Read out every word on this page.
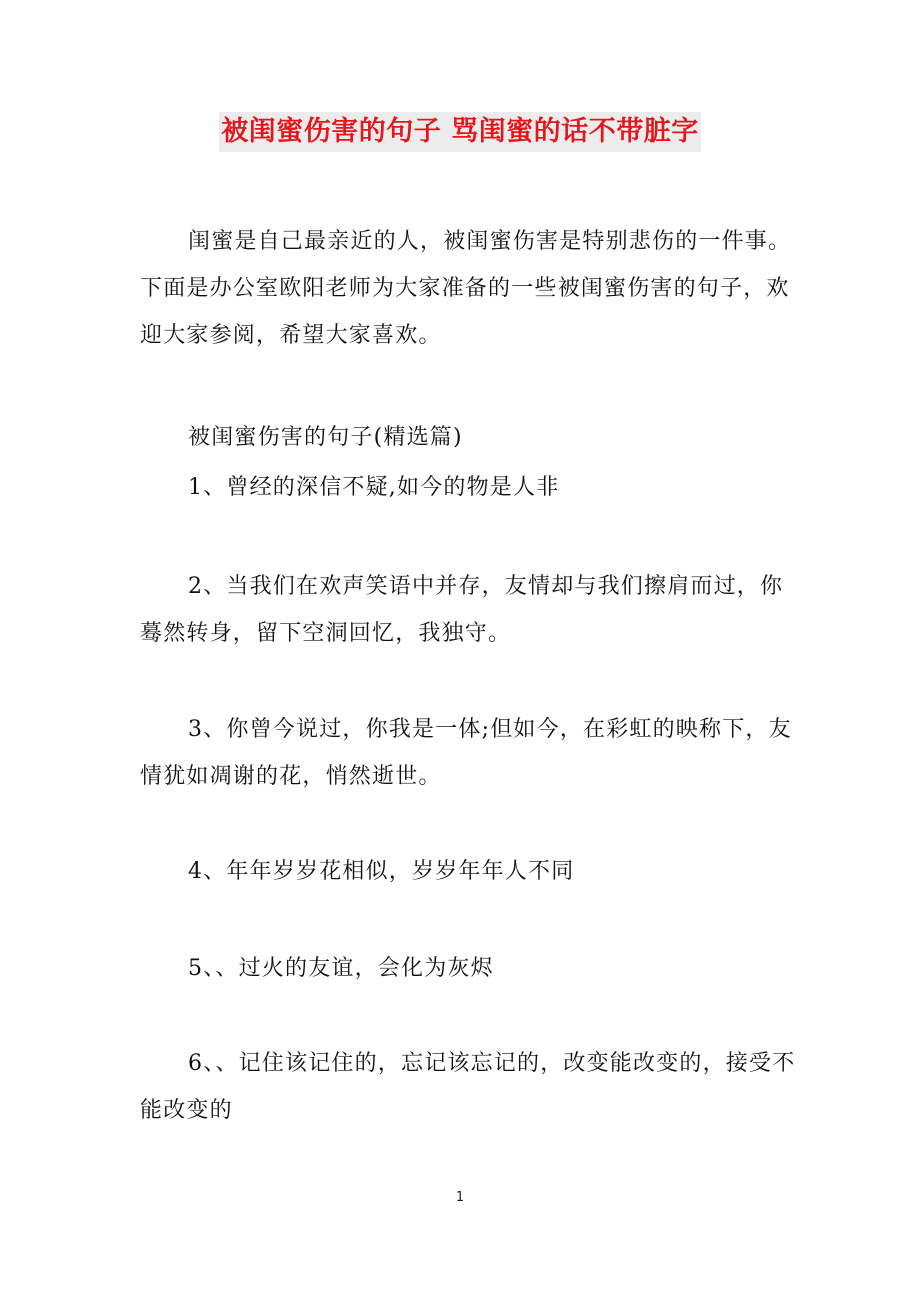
被闺蜜伤害的句子 骂闺蜜的话不带脏字

闺蜜是自己最亲近的人，被闺蜜伤害是特别悲伤的一件事。下面是办公室欧阳老师为大家准备的一些被闺蜜伤害的句子，欢迎大家参阅，希望大家喜欢。

被闺蜜伤害的句子(精选篇)

1、曾经的深信不疑,如今的物是人非

2、当我们在欢声笑语中并存，友情却与我们擦肩而过，你蓦然转身，留下空洞回忆，我独守。

3、你曾今说过，你我是一体;但如今，在彩虹的映称下，友情犹如凋谢的花，悄然逝世。

4、年年岁岁花相似，岁岁年年人不同

5、、过火的友谊，会化为灰烬

6、、记住该记住的，忘记该忘记的，改变能改变的，接受不能改变的

1
